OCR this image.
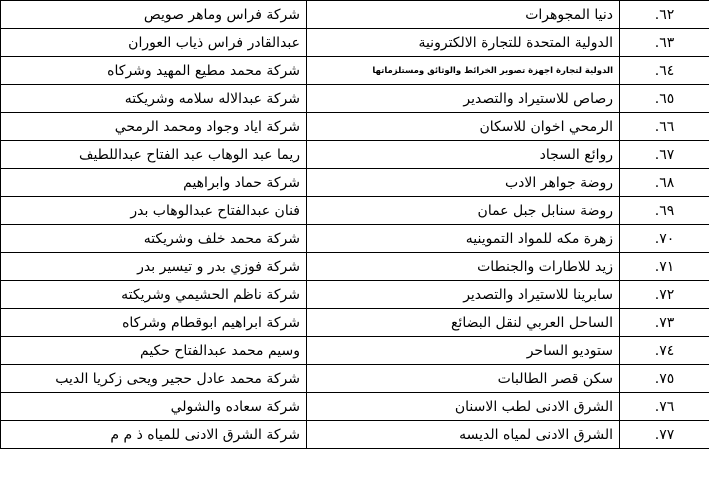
شركة فراس وماهر صويص	دنيا المجوهرات	٦٢.
عبدالقادر فراس ذياب العوران	الدولية المتحدة للتجارة الالكترونية	٦٣.
شركة محمد مطيع المهيد وشركاه	الدولية لتجارة اجهزة تصوير الخرائط والوثائق ومستلزماتها	٦٤.
شركة عبدالاله سلامه وشريكته	رصاص للاستيراد والتصدير	٦٥.
شركة اياد وجواد ومحمد الرمحي	الرمحي اخوان للاسكان	٦٦.
ريما عبد الوهاب عبد الفتاح عبداللطيف	روائع السجاد	٦٧.
شركة حماد وابراهيم	روضة جواهر الادب	٦٨.
فنان عبدالفتاح عبدالوهاب بدر	روضة سنابل جبل عمان	٦٩.
شركة محمد خلف وشريكته	زهرة مكه للمواد التموينيه	٧٠.
شركة فوزي بدر و تيسير بدر	زيد للاطارات والجنطات	٧١.
شركة ناظم الحشيمي وشريكته	سابرينا للاستيراد والتصدير	٧٢.
شركة ابراهيم ابوقطام وشركاه	الساحل العربي لنقل البضائع	٧٣.
وسيم محمد عبدالفتاح حكيم	ستوديو الساحر	٧٤.
شركة محمد عادل حجير ويحى زكريا الديب	سكن قصر الطالبات	٧٥.
شركة سعاده والشولي	الشرق الادنى لطب الاسنان	٧٦.
شركة الشرق الادنى للمياه ذ م م	الشرق الادنى لمياه الديسه	٧٧.
